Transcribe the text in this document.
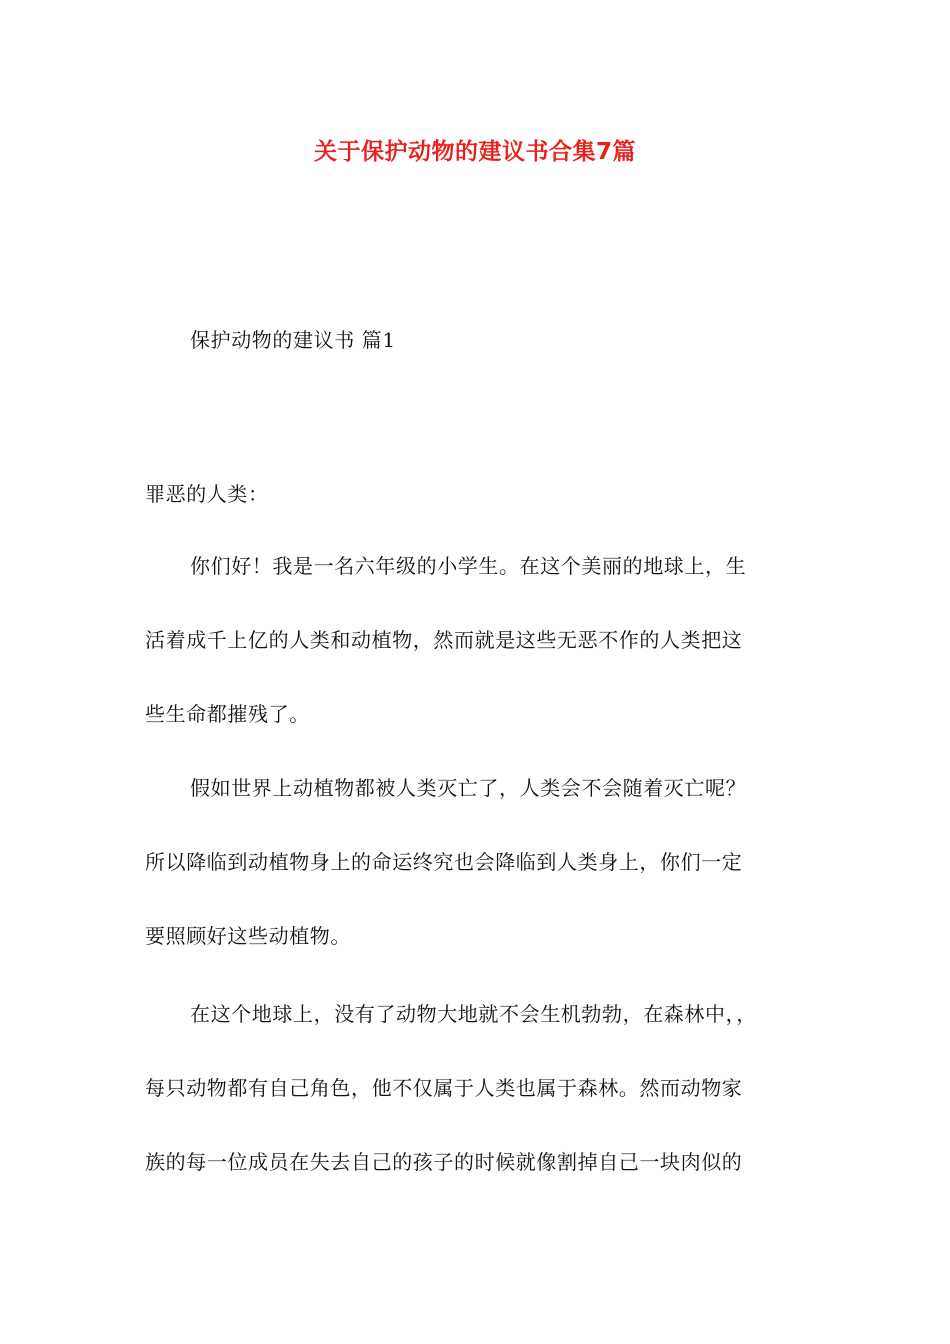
关于保护动物的建议书合集7篇
保护动物的建议书 篇1
罪恶的人类：
你们好！我是一名六年级的小学生。在这个美丽的地球上，生
活着成千上亿的人类和动植物，然而就是这些无恶不作的人类把这
些生命都摧残了。
假如世界上动植物都被人类灭亡了，人类会不会随着灭亡呢？
所以降临到动植物身上的命运终究也会降临到人类身上，你们一定
要照顾好这些动植物。
在这个地球上，没有了动物大地就不会生机勃勃，在森林中，，
每只动物都有自己角色，他不仅属于人类也属于森林。然而动物家
族的每一位成员在失去自己的孩子的时候就像割掉自己一块肉似的
